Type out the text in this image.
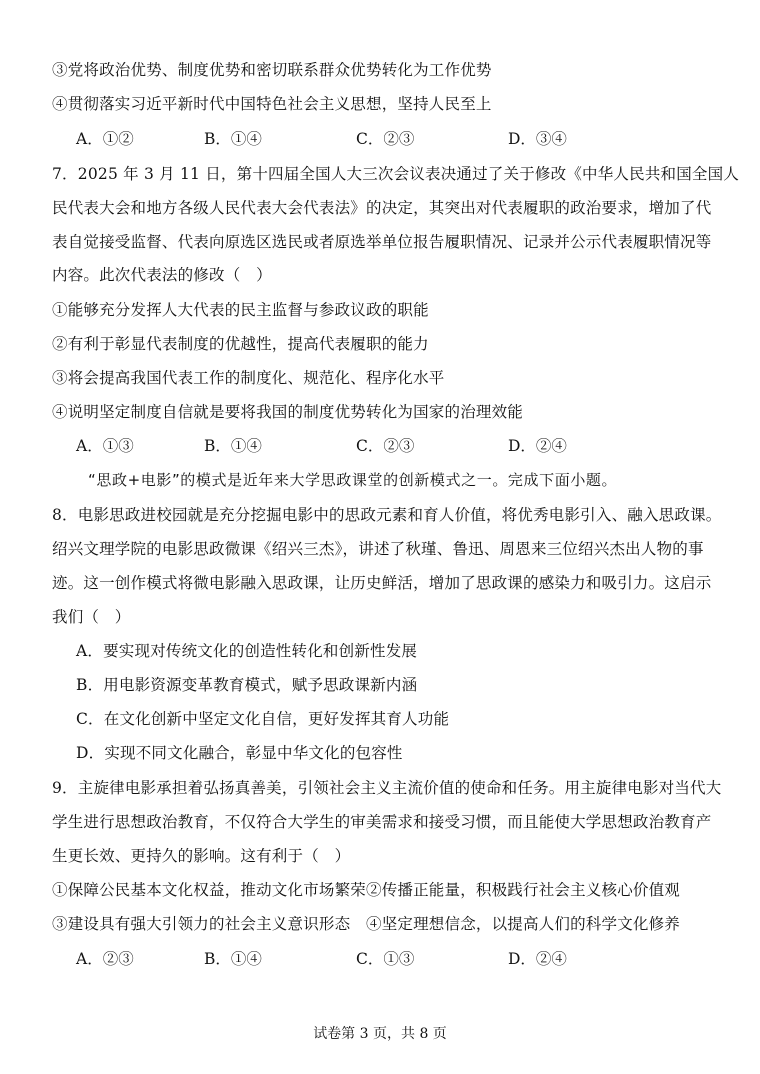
③党将政治优势、制度优势和密切联系群众优势转化为工作优势
④贯彻落实习近平新时代中国特色社会主义思想，坚持人民至上
A．①②	B．①④	C．②③	D．③④
7．2025 年 3 月 11 日，第十四届全国人大三次会议表决通过了关于修改《中华人民共和国全国人
民代表大会和地方各级人民代表大会代表法》的决定，其突出对代表履职的政治要求，增加了代
表自觉接受监督、代表向原选区选民或者原选举单位报告履职情况、记录并公示代表履职情况等
内容。此次代表法的修改（　）
①能够充分发挥人大代表的民主监督与参政议政的职能
②有利于彰显代表制度的优越性，提高代表履职的能力
③将会提高我国代表工作的制度化、规范化、程序化水平
④说明坚定制度自信就是要将我国的制度优势转化为国家的治理效能
A．①③	B．①④	C．②③	D．②④
“思政+电影”的模式是近年来大学思政课堂的创新模式之一。完成下面小题。
8．电影思政进校园就是充分挖掘电影中的思政元素和育人价值，将优秀电影引入、融入思政课。
绍兴文理学院的电影思政微课《绍兴三杰》，讲述了秋瑾、鲁迅、周恩来三位绍兴杰出人物的事
迹。这一创作模式将微电影融入思政课，让历史鲜活，增加了思政课的感染力和吸引力。这启示
我们（　）
A．要实现对传统文化的创造性转化和创新性发展
B．用电影资源变革教育模式，赋予思政课新内涵
C．在文化创新中坚定文化自信，更好发挥其育人功能
D．实现不同文化融合，彰显中华文化的包容性
9．主旋律电影承担着弘扬真善美，引领社会主义主流价值的使命和任务。用主旋律电影对当代大
学生进行思想政治教育，不仅符合大学生的审美需求和接受习惯，而且能使大学思想政治教育产
生更长效、更持久的影响。这有利于（　）
①保障公民基本文化权益，推动文化市场繁荣②传播正能量，积极践行社会主义核心价值观
③建设具有强大引领力的社会主义意识形态　④坚定理想信念，以提高人们的科学文化修养
A．②③	B．①④	C．①③	D．②④
试卷第 3 页，共 8 页
